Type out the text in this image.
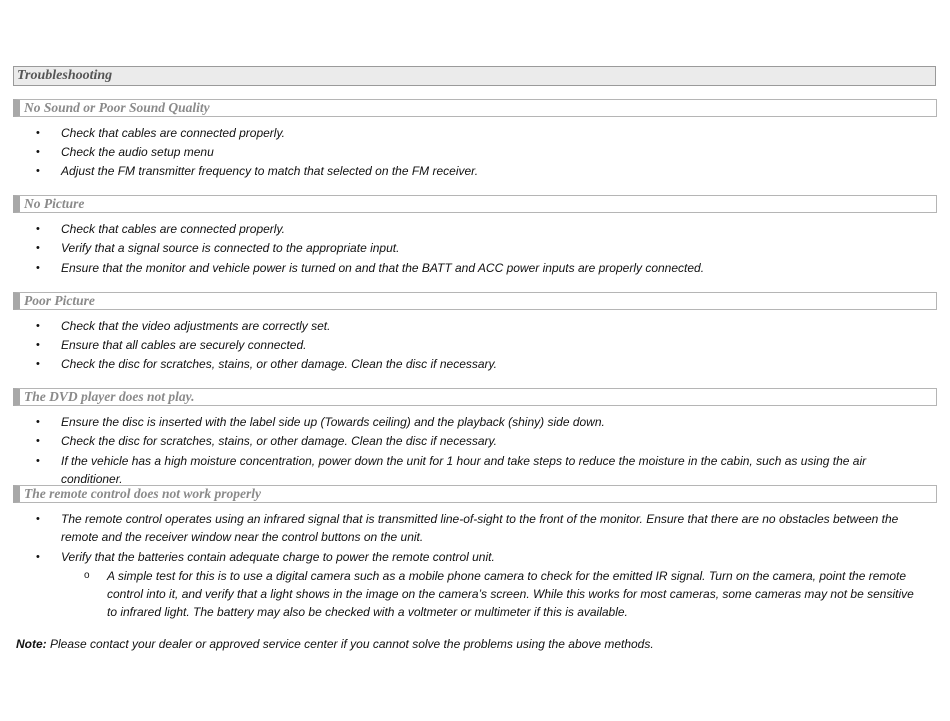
Troubleshooting
No Sound or Poor Sound Quality
• Check that cables are connected properly.
• Check the audio setup menu
• Adjust the FM transmitter frequency to match that selected on the FM receiver.
No Picture
• Check that cables are connected properly.
• Verify that a signal source is connected to the appropriate input.
• Ensure that the monitor and vehicle power is turned on and that the BATT and ACC power inputs are properly connected.
Poor Picture
• Check that the video adjustments are correctly set.
• Ensure that all cables are securely connected.
• Check the disc for scratches, stains, or other damage. Clean the disc if necessary.
The DVD player does not play.
• Ensure the disc is inserted with the label side up (Towards ceiling) and the playback (shiny) side down.
• Check the disc for scratches, stains, or other damage. Clean the disc if necessary.
• If the vehicle has a high moisture concentration, power down the unit for 1 hour and take steps to reduce the moisture in the cabin, such as using the air conditioner.
The remote control does not work properly
• The remote control operates using an infrared signal that is transmitted line-of-sight to the front of the monitor. Ensure that there are no obstacles between the remote and the receiver window near the control buttons on the unit.
• Verify that the batteries contain adequate charge to power the remote control unit.
o A simple test for this is to use a digital camera such as a mobile phone camera to check for the emitted IR signal. Turn on the camera, point the remote control into it, and verify that a light shows in the image on the camera’s screen. While this works for most cameras, some cameras may not be sensitive to infrared light. The battery may also be checked with a voltmeter or multimeter if this is available.
Note: Please contact your dealer or approved service center if you cannot solve the problems using the above methods.
